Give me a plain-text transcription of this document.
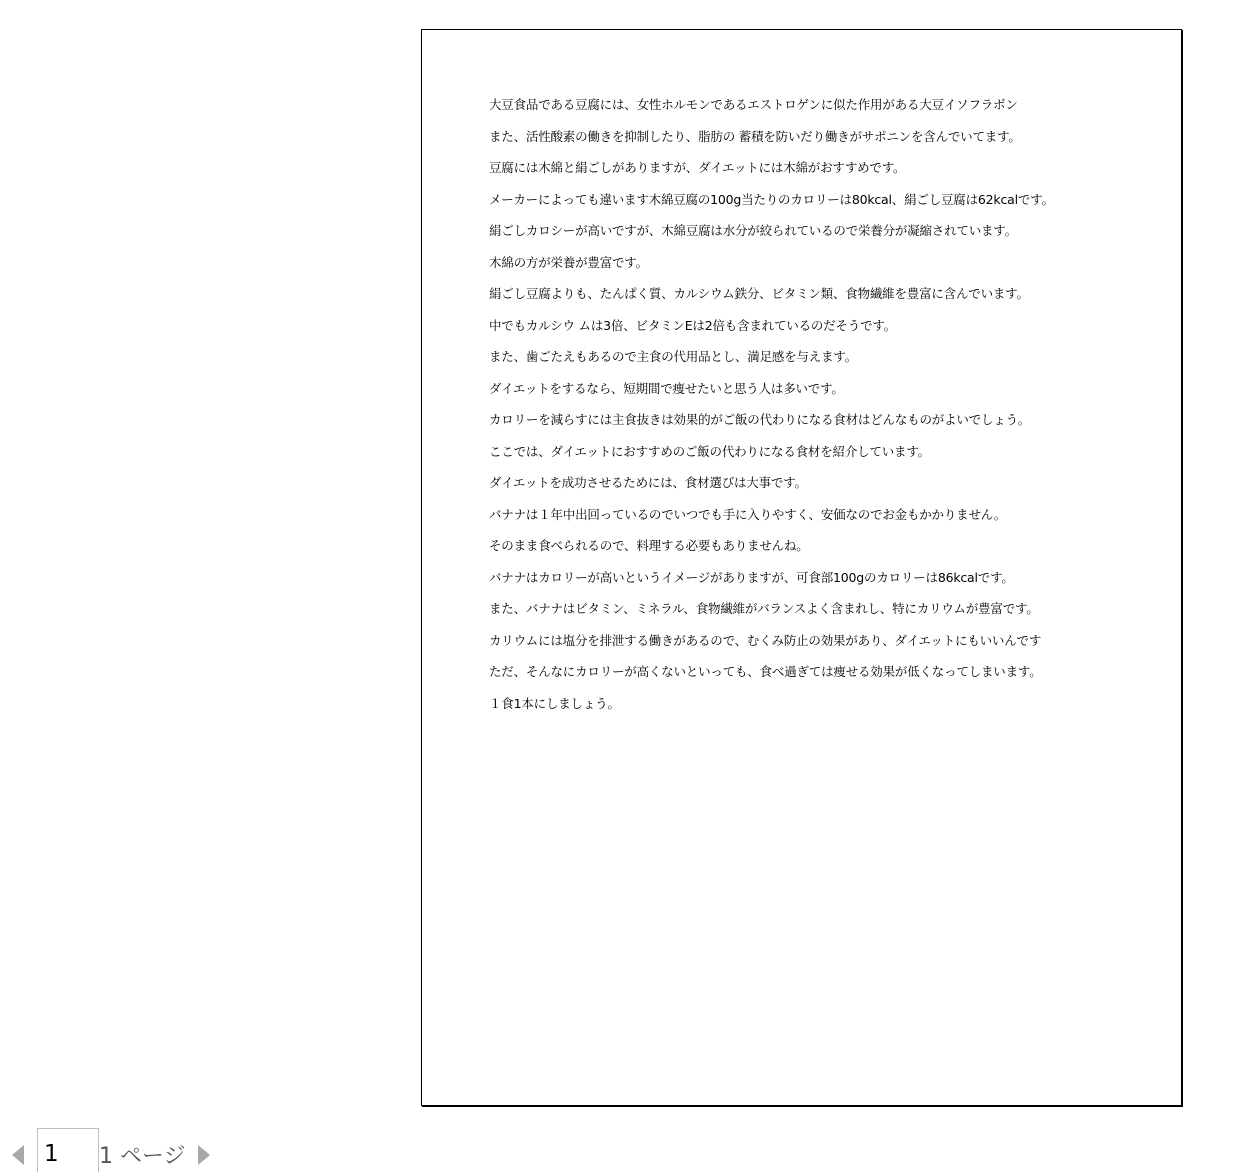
大豆食品である豆腐には、女性ホルモンであるエストロゲンに似た作用がある大豆イソフラボン
また、活性酸素の働きを抑制したり、脂肪の 蓄積を防いだり働きがサポニンを含んでいてます。
豆腐には木綿と絹ごしがありますが、ダイエットには木綿がおすすめです。
メーカーによっても違います木綿豆腐の100g当たりのカロリーは80kcal、絹ごし豆腐は62kcalです。
絹ごしカロシーが高いですが、木綿豆腐は水分が絞られているので栄養分が凝縮されています。
木綿の方が栄養が豊富です。
絹ごし豆腐よりも、たんぱく質、カルシウム鉄分、ビタミン類、食物繊維を豊富に含んでいます。
中でもカルシウ ムは3倍、ビタミンEは2倍も含まれているのだそうです。
また、歯ごたえもあるので主食の代用品とし、満足感を与えます。
ダイエットをするなら、短期間で痩せたいと思う人は多いです。
カロリーを減らすには主食抜きは効果的がご飯の代わりになる食材はどんなものがよいでしょう。
ここでは、ダイエットにおすすめのご飯の代わりになる食材を紹介しています。
ダイエットを成功させるためには、食材選びは大事です。
バナナは１年中出回っているのでいつでも手に入りやすく、安価なのでお金もかかりません。
そのまま食べられるので、料理する必要もありませんね。
バナナはカロリーが高いというイメージがありますが、可食部100gのカロリーは86kcalです。
また、バナナはビタミン、ミネラル、食物繊維がバランスよく含まれし、特にカリウムが豊富です。
カリウムには塩分を排泄する働きがあるので、むくみ防止の効果があり、ダイエットにもいいんです
ただ、そんなにカロリーが高くないといっても、食べ過ぎては痩せる効果が低くなってしまいます。
１食1本にしましょう。
1
1 ページ
